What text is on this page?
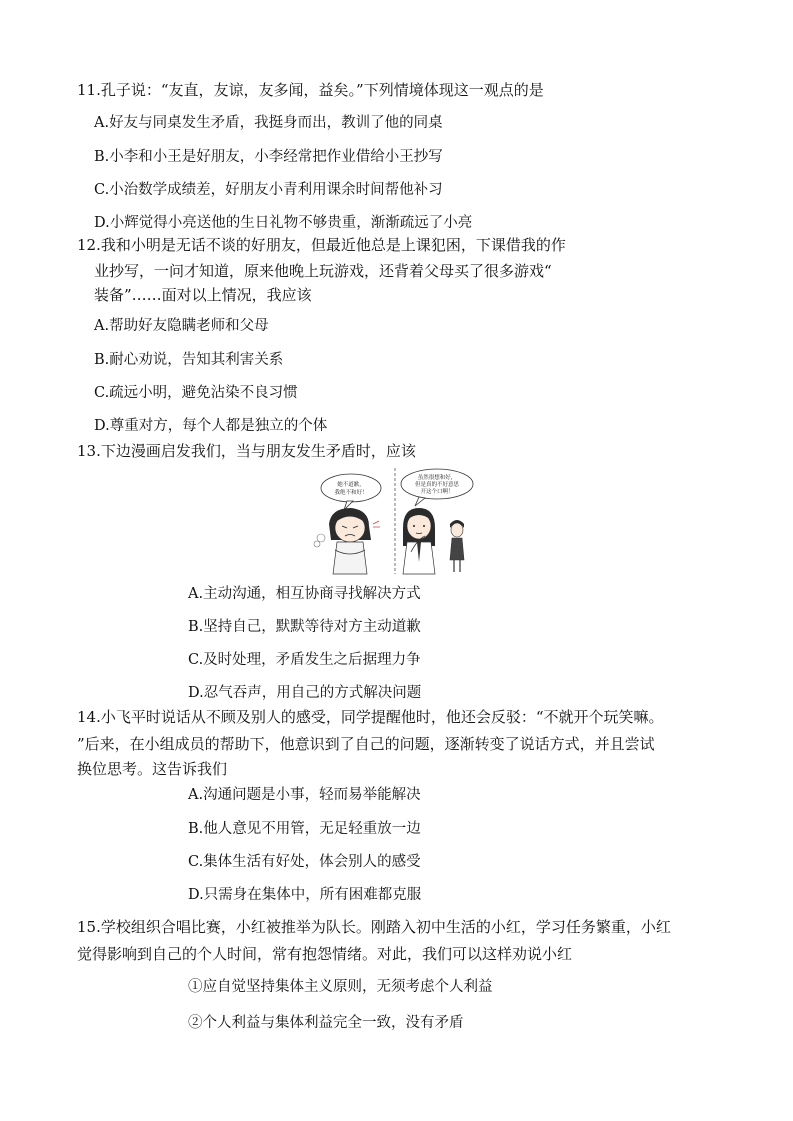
11.孔子说：“友直，友谅，友多闻，益矣。”下列情境体现这一观点的是
A.好友与同桌发生矛盾，我挺身而出，教训了他的同桌
B.小李和小王是好朋友，小李经常把作业借给小王抄写
C.小治数学成绩差，好朋友小青利用课余时间帮他补习
D.小辉觉得小亮送他的生日礼物不够贵重，渐渐疏远了小亮
12.我和小明是无话不谈的好朋友，但最近他总是上课犯困，下课借我的作
业抄写，一问才知道，原来他晚上玩游戏，还背着父母买了很多游戏“
装备”……面对以上情况，我应该
A.帮助好友隐瞒老师和父母
B.耐心劝说，告知其利害关系
C.疏远小明，避免沾染不良习惯
D.尊重对方，每个人都是独立的个体
13.下边漫画启发我们，当与朋友发生矛盾时，应该
她不道歉，
我绝不和好！
虽然很想和好，
但是真的不好意思
开这个口啊！
A.主动沟通，相互协商寻找解决方式
B.坚持自己，默默等待对方主动道歉
C.及时处理，矛盾发生之后据理力争
D.忍气吞声，用自己的方式解决问题
14.小飞平时说话从不顾及别人的感受，同学提醒他时，他还会反驳：“不就开个玩笑嘛。
”后来，在小组成员的帮助下，他意识到了自己的问题，逐渐转变了说话方式，并且尝试
换位思考。这告诉我们
A.沟通问题是小事，轻而易举能解决
B.他人意见不用管，无足轻重放一边
C.集体生活有好处，体会别人的感受
D.只需身在集体中，所有困难都克服
15.学校组织合唱比赛，小红被推举为队长。刚踏入初中生活的小红，学习任务繁重，小红
觉得影响到自己的个人时间，常有抱怨情绪。对此，我们可以这样劝说小红
①应自觉坚持集体主义原则，无须考虑个人利益
②个人利益与集体利益完全一致，没有矛盾
